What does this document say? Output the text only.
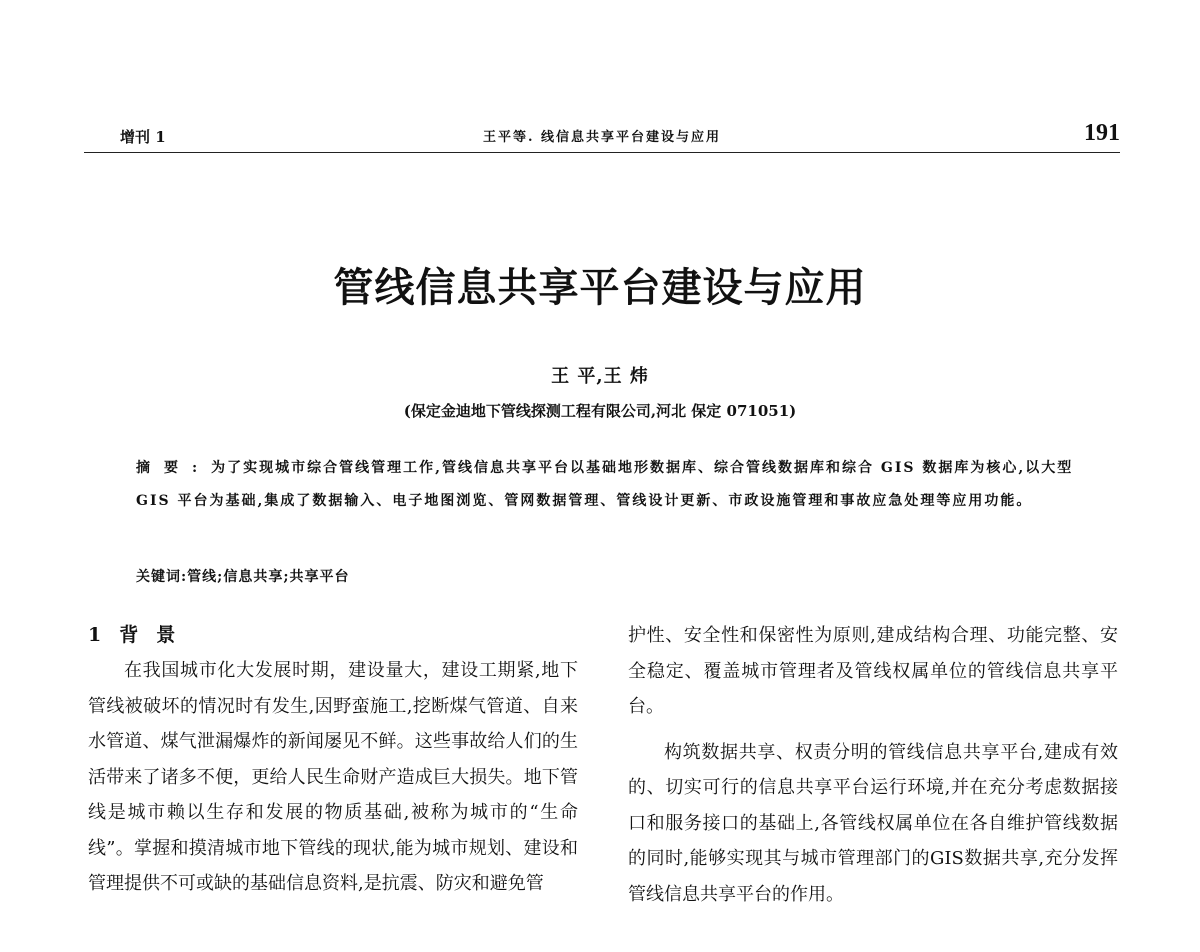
增刊 1	王平等. 线信息共享平台建设与应用	191
管线信息共享平台建设与应用
王 平,王 炜
(保定金迪地下管线探测工程有限公司,河北 保定 071051)
摘要:为了实现城市综合管线管理工作,管线信息共享平台以基础地形数据库、综合管线数据库和综合 GIS 数据库为核心,以大型 GIS 平台为基础,集成了数据输入、电子地图浏览、管网数据管理、管线设计更新、市政设施管理和事故应急处理等应用功能。
关键词:管线;信息共享;共享平台
1 背景

在我国城市化大发展时期，建设量大，建设工期紧,地下管线被破坏的情况时有发生,因野蛮施工,挖断煤气管道、自来水管道、煤气泄漏爆炸的新闻屡见不鲜。这些事故给人们的生活带来了诸多不便，更给人民生命财产造成巨大损失。地下管线是城市赖以生存和发展的物质基础,被称为城市的“生命线”。掌握和摸清城市地下管线的现状,能为城市规划、建设和管理提供不可或缺的基础信息资料,是抗震、防灾和避免管

护性、安全性和保密性为原则,建成结构合理、功能完整、安全稳定、覆盖城市管理者及管线权属单位的管线信息共享平台。

构筑数据共享、权责分明的管线信息共享平台,建成有效的、切实可行的信息共享平台运行环境,并在充分考虑数据接口和服务接口的基础上,各管线权属单位在各自维护管线数据的同时,能够实现其与城市管理部门的GIS数据共享,充分发挥管线信息共享平台的作用。
